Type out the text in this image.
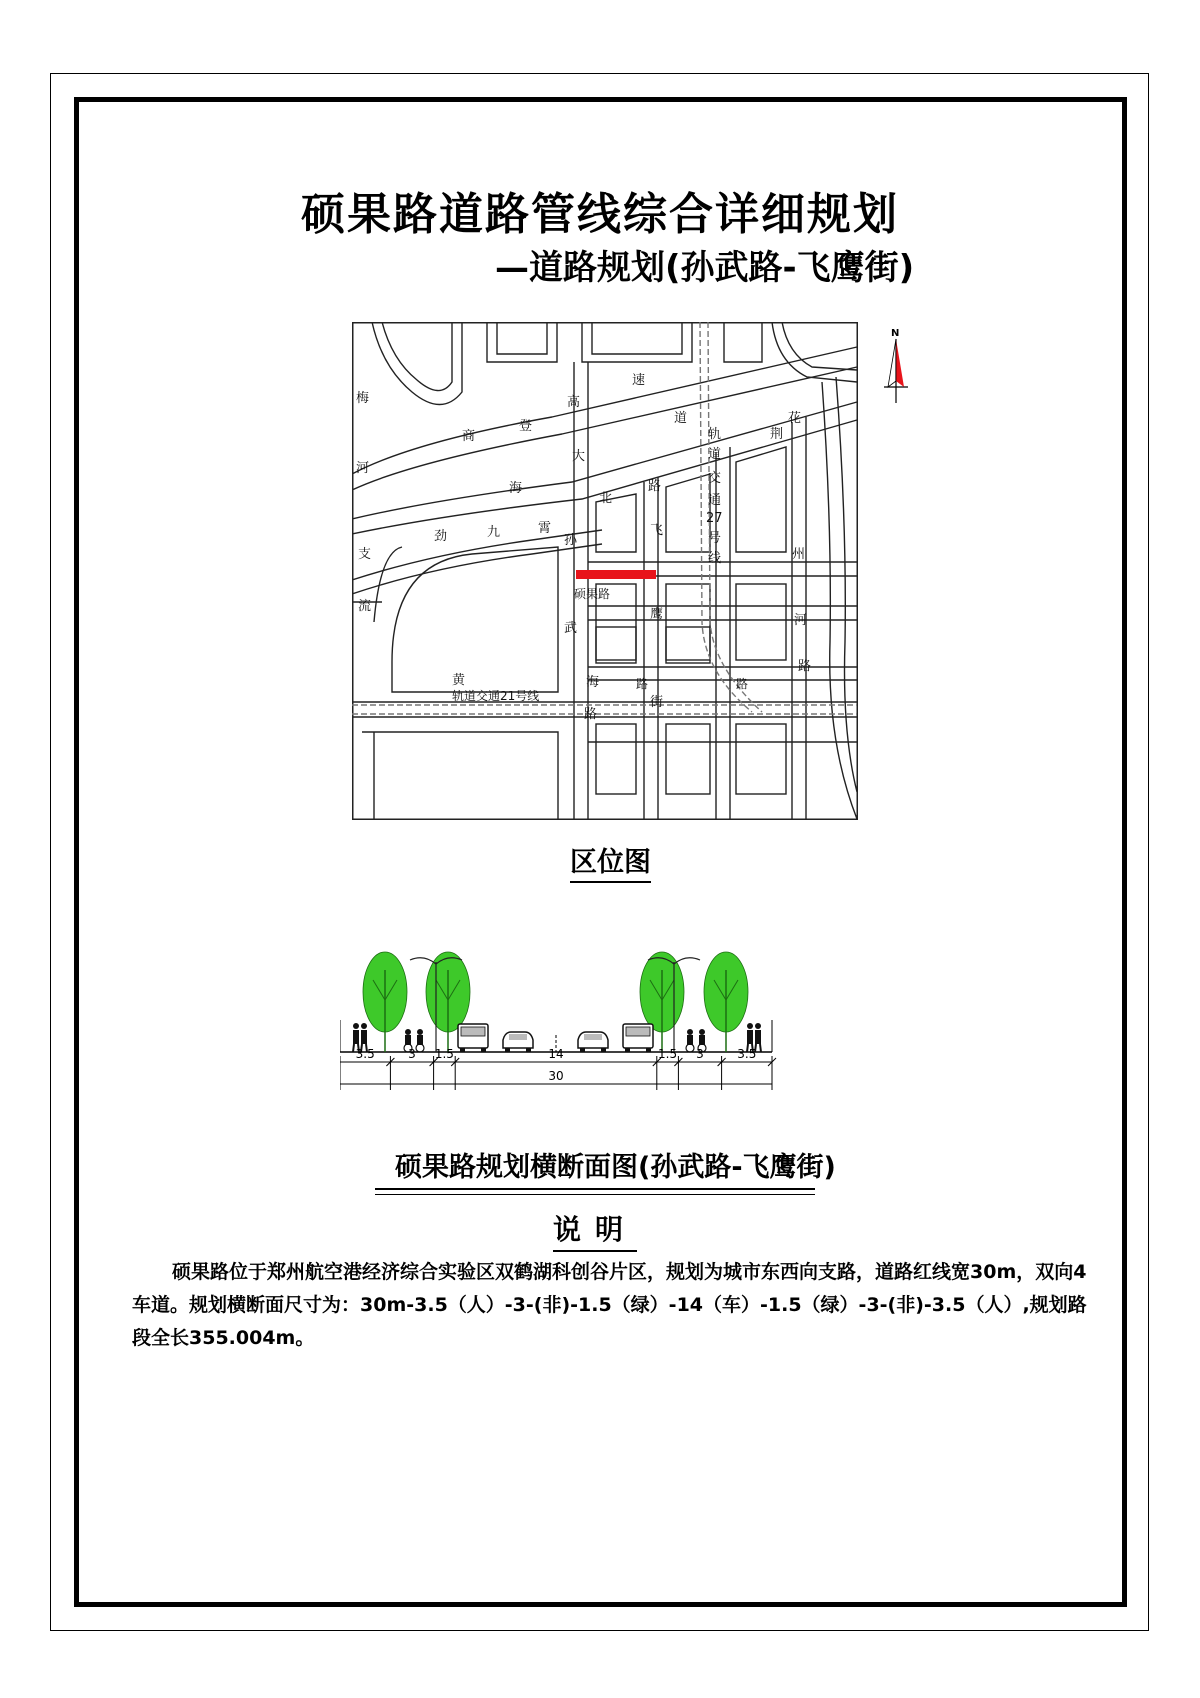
硕果路道路管线综合详细规划
—道路规划(孙武路-飞鹰街)
商
登
高
速
海
大
道
北
路
劲	九	霄
梅
河
支
流
孙
武
飞
鹰
轨
道
交
通
27
号
线
荆
州
花
河
路
黄	海
路
街
硕果路
轨道交通21号线
路
路
N
区位图
3.5	3 1.5	14	1.5 3	3.5
30
硕果路规划横断面图(孙武路-飞鹰街)
说明

硕果路位于郑州航空港经济综合实验区双鹤湖科创谷片区，规划为城市东西向支路，道路红线宽30m，双向4车道。规划横断面尺寸为：30m-3.5（人）-3-(非)-1.5（绿）-14（车）-1.5（绿）-3-(非)-3.5（人）,规划路段全长355.004m。
